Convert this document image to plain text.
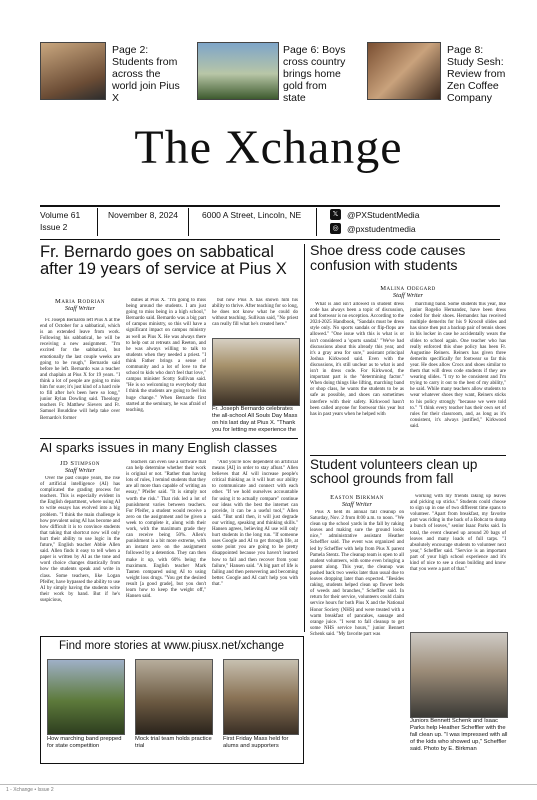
Page 2: Students from across the world join Pius X
Page 6: Boys cross country brings home gold from state
Page 8: Study Sesh: Review from Zen Coffee Company
The Xchange
Volume 61
Issue 2
November 8, 2024	6000 A Street, Lincoln, NE	𝕏	@PXStudentMedia
◎ @pxstudentmedia
Fr. Bernardo goes on sabbatical after 19 years of service at Pius X
Maria Rodrian
Staff Writer

Fr. Joseph Bernardo left Pius X at the end of October for a sabbatical, which is an extended leave from work. Following his sabbatical, he will be receiving a new assignment. "I'm excited for the sabbatical, but emotionally the last couple weeks are going to be rough," Bernardo said before he left. Bernardo was a teacher and chaplain at Pius X for 19 years. "I think a lot of people are going to miss him for sure; it's just kind of a hard role to fill after he's been here so long," junior Rylan Dowling said. Theology teachers Fr. Matthew Sievers and Fr. Samuel Bouddine will help take over Bernardo's former

duties at Pius X. "I'm going to miss being around the students. I am just going to miss being in a high school," Bernardo said. Bernardo was a big part of campus ministry, so this will have a significant impact on campus ministry as well as Pius X. He was always there to help out at retreats and Reeton, and he was always willing to talk to students when they needed a priest. "I think Father brings a sense of community and a lot of love to the school to kids who don't feel that love," campus minister Scotty Sullivan said. "He is so welcoming to everybody that I think the students are going to feel his huge change." When Bernardo first started at the seminary, he was afraid of teaching,

but now Pius X has shown him his ability to thrive. After teaching for so long, he does not know what he could do without teaching. Sullivan said, "No priest can really fill what he's created here."

Fr. Joseph Bernardo celebrates the all-school All Souls Day Mass on his last day at Pius X. "Thank you for letting me experience the
Shoe dress code causes confusion with students
Malina Odegard
Staff Writer

What is and isn't allowed in student dress code has always been a topic of discussion, and footwear is no exception. According to the 2024-2025 Handbook, "Sandals must be dress style only. No sports sandals or flip-flops are allowed." "One issue with this is what is or isn't considered a 'sports sandal.' "We've had discussions about this already this year, and it's a gray area for sure," assistant principal Joshua Kirkwood said. Even with the discussions, it's still unclear as to what is and isn't in dress code. For Kirkwood, the important part is the "determining factor." When doing things like lifting, marching band or shop class, he wants the students to be as safe as possible, and shoes can sometimes interfere with their safety. Kirkwood hasn't been called anyone for footwear this year but has in past years when he helped with

marching band. Some students this year, like junior Rogelio Hernandez, have been dress coded for their shoes. Hernandez has received multiple demerits for his 9 Krocs8 slides and has since then put a backup pair of tennis shoes in his locker in case he accidentally wears the slides to school again. One teacher who has really enforced this shoe policy has been Fr. Augustine Reiners. Reiners has given three demerits specifically for footwear so far this year. He does allow Crocs and shoes similar to them that will dress code students if they are wearing slides. "I try to be consistent and I'm trying to carry it out to the best of my ability," he said. While many teachers allow students to wear whatever shoes they want, Reiners sticks to his policy strongly "because we were told to." "I think every teacher has their own set of rules for their classroom, and, as long as it's consistent, it's always justified," Kirkwood said.

AI sparks issues in many English classes
JD Stimpson
Staff Writer

Over the past couple years, the rise of artificial intelligence (AI) has complicated the grading process for teachers. This is especially evident in the English department, where using AI to write essays has evolved into a big problem. "I think the main challenge is how prevalent using AI has become and how difficult it is to convince students that taking that shortcut now will only hurt their ability to use logic in the future," English teacher Abbie Allen said. Allen finds it easy to tell when a paper is written by AI as the tone and word choice changes drastically from how the students speak and write in class. Some teachers, like Logan Pfeifer, have bypassed the ability to use AI by simply having the students write their work by hand. But if he's suspicious,

teachers can even use a software that can help determine whether their work is original or not. "Rather than having lots of rules, I remind students that they are all more than capable of writing an essay," Pfeifer said. "It is simply not worth the risk." That risk led a lot of punishment varies between teachers. For Pfeifer, a student would receive a zero on the assignment and be given a week to complete it, along with their work, with the maximum grade they can receive being 50%. Allen's punishment is a bit more extreme, with an instant zero on the assignment followed by a detention. They can then make it up, with 60% being the maximum. English teacher Mark Tauten compared using AI to using weight loss drugs. "You get the desired result [a good grade], but you don't learn how to keep the weight off," Hansen said.

"And you're now dependent on artificial means [AI] in order to stay afloat." Allen believes that AI will increase people's critical thinking as it will hurt our ability to communicate and connect with each other. "If we hold ourselves accountable for using it to actually compare" continue our ideas with the best the internet can provide, it can be a useful tool," Allen said. "But until then, it will just degrade our writing, speaking and thinking skills." Hansen agrees, believing AI use will only hurt students in the long run. "If someone uses Google and AI to get through life, at some point you are going to be pretty disappointed because you haven't learned how to fail and then recover from your failure," Hansen said. "A big part of life is failing and then persevering and becoming better. Google and AI can't help you with that."

Student volunteers clean up school grounds from fall
Easton Birkman
Staff Writer

Pius X held its annual fall cleanup on Saturday, Nov. 2 from 8:00 a.m. to noon. "We clean up the school yards in the fall by raking leaves and making sure the ground looks nice," administrative assistant Heather Scheffler said. The event was organized and led by Scheffler with help from Pius X parent Pamela Stentz. The cleanup team is open to all student volunteers, with some even bringing a parent along. This year, the cleanup was pushed back two weeks later than usual due to leaves dropping later than expected. "Besides raking, students helped clean up flower beds of weeds and branches," Scheffler said. In return for their service, volunteers could claim service hours for both Pius X and the National Honor Society (NHS) and were treated with a warm breakfast of pancakes, sausage and orange juice. "I went to fall cleanup to get some NHS service hours," junior Bennett Schenk said. "My favorite part was

working with my friends raking up leaves and picking up sticks." Students could choose to sign up in one of two different time spans to volunteer. "Apart from breakfast, my favorite part was riding in the back of a Bobcat to dump a bunch of leaves," senior Isaac Parks said. In total, the event cleaned up around 20 bags of leaves and many loads of full tarps. "I absolutely encourage students to volunteer next year," Scheffler said. "Service is an important part of your high school experience and it's kind of nice to see a clean building and know that you were a part of that."

Juniors Bennett Schenk and Isaac Parks help Heather Scheffler with the fall clean up. "I was impressed with all of the kids who showed up," Scheffler said. Photo by E. Birkman
Find more stories at www.piusx.net/xchange
How marching band prepped for state competition
Mock trial team holds practice trial
First Friday Mass held for alums and supporters
1 - Xchange • Issue 2
